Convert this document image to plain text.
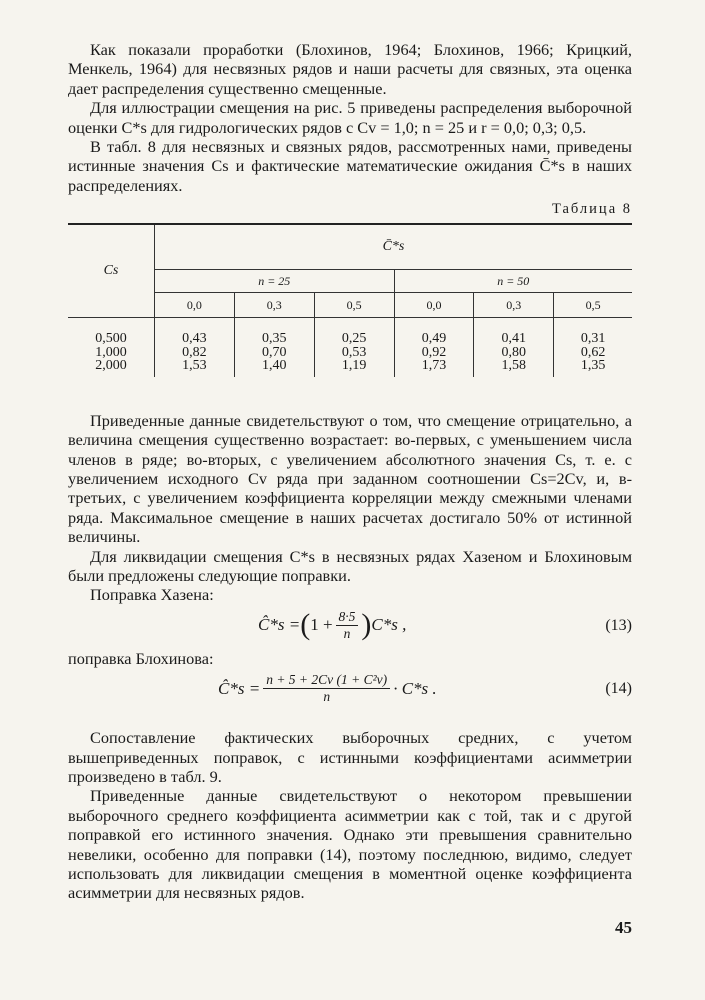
Как показали проработки (Блохинов, 1964; Блохинов, 1966; Крицкий, Менкель, 1964) для несвязных рядов и наши расчеты для связных, эта оценка дает распределения существенно смещенные.

Для иллюстрации смещения на рис. 5 приведены распределения выборочной оценки C*s для гидрологических рядов с Cv = 1,0; n = 25 и r = 0,0; 0,3; 0,5.

В табл. 8 для несвязных и связных рядов, рассмотренных нами, приведены истинные значения Cs и фактические математические ожидания C̄*s в наших распределениях.

Таблица 8
Cs	C̄*s					
	n = 25			n = 50		
	0,0	0,3	0,5	0,0	0,3	0,5
0,500	0,43	0,35	0,25	0,49	0,41	0,31
1,000	0,82	0,70	0,53	0,92	0,80	0,62
2,000	1,53	1,40	1,19	1,73	1,58	1,35

Приведенные данные свидетельствуют о том, что смещение отрицательно, а величина смещения существенно возрастает: во-первых, с уменьшением числа членов в ряде; во-вторых, с увеличением абсолютного значения Cs, т. е. с увеличением исходного Cv ряда при заданном соотношении Cs=2Cv, и, в-третьих, с увеличением коэффициента корреляции между смежными членами ряда. Максимальное смещение в наших расчетах достигало 50% от истинной величины.

Для ликвидации смещения C*s в несвязных рядах Хазеном и Блохиновым были предложены следующие поправки.

Поправка Хазена:

Ĉ*s = ( $1 + \frac{8\cdot 5}{n}$ ) C*s ,	(13)

поправка Блохинова:

Ĉ*s = $\frac{\text{n + 5 + 2Cv (1 + C²v)}}{n} \cdot C*s$ .	(14)

Сопоставление фактических выборочных средних, с учетом вышеприведенных поправок, с истинными коэффициентами асимметрии произведено в табл. 9.

Приведенные данные свидетельствуют о некотором превышении выборочного среднего коэффициента асимметрии как с той, так и с другой поправкой его истинного значения. Однако эти превышения сравнительно невелики, особенно для поправки (14), поэтому последнюю, видимо, следует использовать для ликвидации смещения в моментной оценке коэффициента асимметрии для несвязных рядов.

45
